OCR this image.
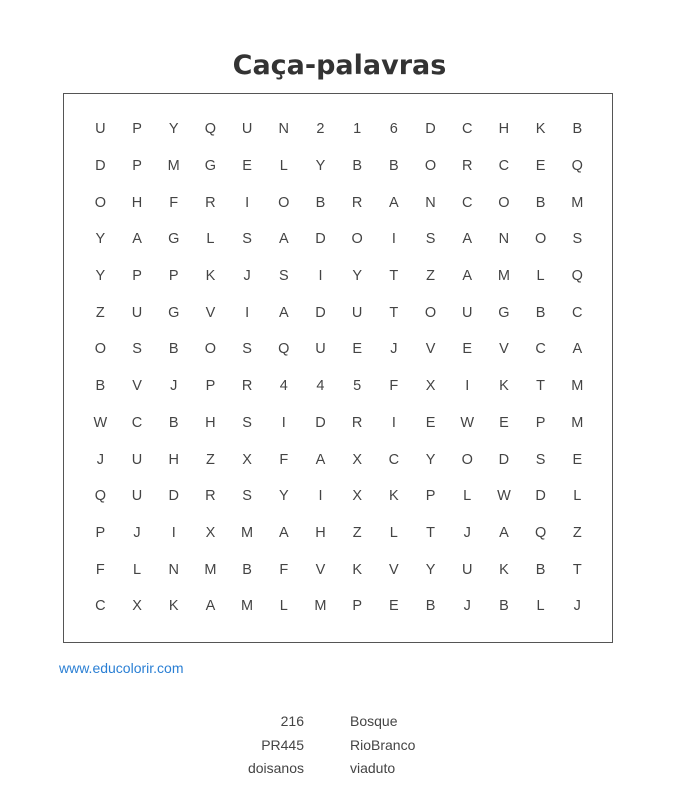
Caça-palavras
U	P	Y	Q	U	N	2	1	6	D	C	H	K	B
D	P	M	G	E	L	Y	B	B	O	R	C	E	Q
O	H	F	R	I	O	B	R	A	N	C	O	B	M
Y	A	G	L	S	A	D	O	I	S	A	N	O	S
Y	P	P	K	J	S	I	Y	T	Z	A	M	L	Q
Z	U	G	V	I	A	D	U	T	O	U	G	B	C
O	S	B	O	S	Q	U	E	J	V	E	V	C	A
B	V	J	P	R	4	4	5	F	X	I	K	T	M
W	C	B	H	S	I	D	R	I	E	W	E	P	M
J	U	H	Z	X	F	A	X	C	Y	O	D	S	E
Q	U	D	R	S	Y	I	X	K	P	L	W	D	L
P	J	I	X	M	A	H	Z	L	T	J	A	Q	Z
F	L	N	M	B	F	V	K	V	Y	U	K	B	T
C	X	K	A	M	L	M	P	E	B	J	B	L	J
www.educolorir.com
216
PR445
doisanos
Bosque
RioBranco
viaduto
